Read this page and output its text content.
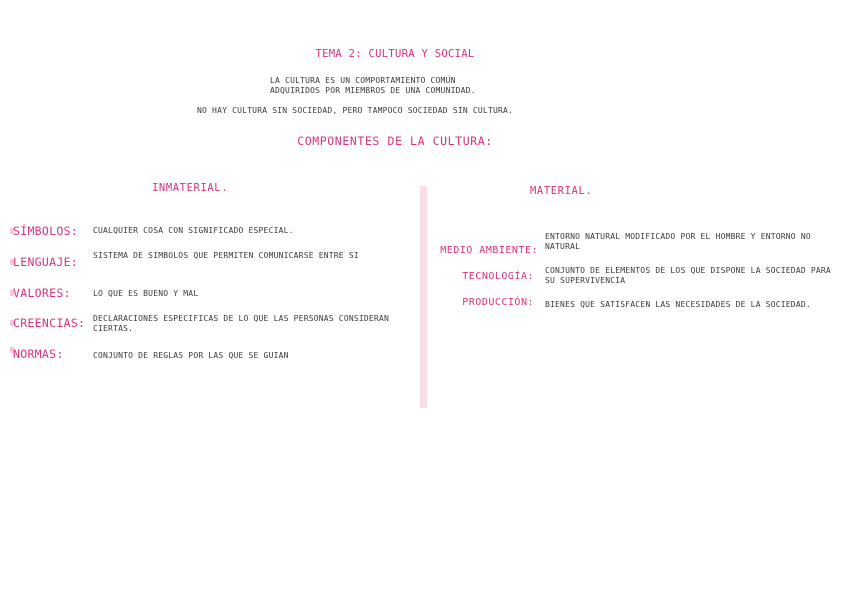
TEMA 2: CULTURA Y SOCIAL
LA CULTURA ES UN COMPORTAMIENTO COMÚN
ADQUIRIDOS POR MIEMBROS DE UNA COMUNIDAD.
NO HAY CULTURA SIN SOCIEDAD, PERO TAMPOCO SOCIEDAD SIN CULTURA.
COMPONENTES DE LA CULTURA:
INMATERIAL.
SÍMBOLOS: CUALQUIER COSA CON SIGNIFICADO ESPECIAL.
LENGUAJE: SISTEMA DE SIMBOLOS QUE PERMITEN COMUNICARSE ENTRE SI
VALORES:	LO QUE ES BUENO Y MAL
CREENCIAS: DECLARACIONES ESPECIFICAS DE LO QUE LAS PERSONAS CONSIDERAN CIERTAS.
NORMAS:	CONJUNTO DE REGLAS POR LAS QUE SE GUIAN
MATERIAL.
MEDIO AMBIENTE:
ENTORNO NATURAL MODIFICADO POR EL HOMBRE Y ENTORNO NO NATURAL
TECNOLOGÍA:
CONJUNTO DE ELEMENTOS DE LOS QUE DISPONE LA SOCIEDAD PARA SU SUPERVIVENCIA
PRODUCCIÓN: BIENES QUE SATISFACEN LAS NECESIDADES DE LA SOCIEDAD.
